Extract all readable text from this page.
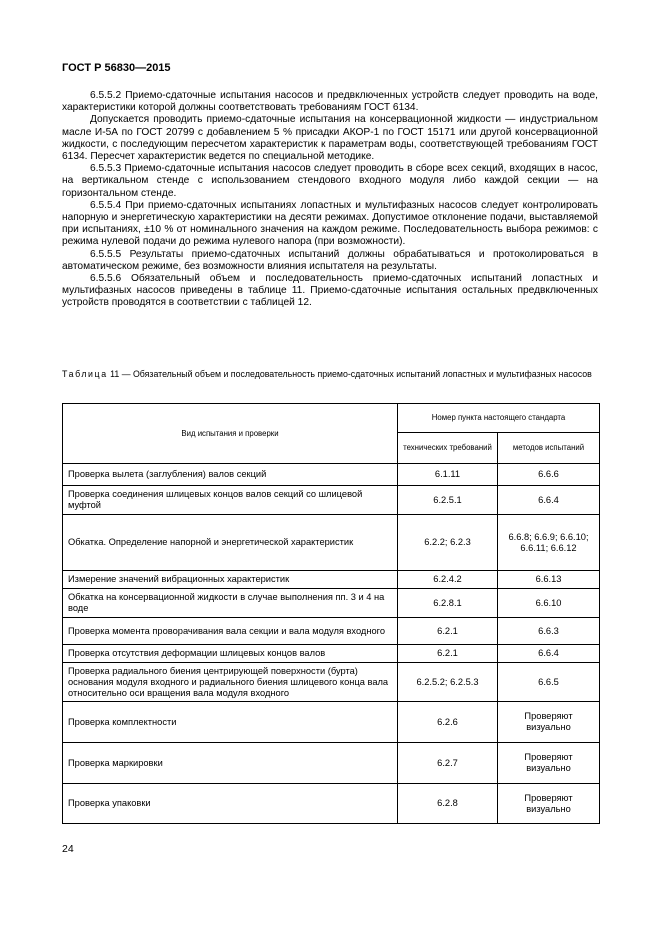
ГОСТ Р 56830—2015

6.5.5.2 Приемо-сдаточные испытания насосов и предвключенных устройств следует проводить на воде, характеристики которой должны соответствовать требованиям ГОСТ 6134.

Допускается проводить приемо-сдаточные испытания на консервационной жидкости — индустриальном масле И-5А по ГОСТ 20799 с добавлением 5 % присадки АКОР-1 по ГОСТ 15171 или другой консервационной жидкости, с последующим пересчетом характеристик к параметрам воды, соответствующей требованиям ГОСТ 6134. Пересчет характеристик ведется по специальной методике.

6.5.5.3 Приемо-сдаточные испытания насосов следует проводить в сборе всех секций, входящих в насос, на вертикальном стенде с использованием стендового входного модуля либо каждой секции — на горизонтальном стенде.

6.5.5.4 При приемо-сдаточных испытаниях лопастных и мультифазных насосов следует контролировать напорную и энергетическую характеристики на десяти режимах. Допустимое отклонение подачи, выставляемой при испытаниях, ±10 % от номинального значения на каждом режиме. Последовательность выбора режимов: с режима нулевой подачи до режима нулевого напора (при возможности).

6.5.5.5 Результаты приемо-сдаточных испытаний должны обрабатываться и протоколироваться в автоматическом режиме, без возможности влияния испытателя на результаты.

6.5.5.6 Обязательный объем и последовательность приемо-сдаточных испытаний лопастных и мультифазных насосов приведены в таблице 11. Приемо-сдаточные испытания остальных предвключенных устройств проводятся в соответствии с таблицей 12.

Таблица 11 — Обязательный объем и последовательность приемо-сдаточных испытаний лопастных и мультифазных насосов
Вид испытания и проверки	Номер пункта настоящего стандарта	
	технических требований	методов испытаний
Проверка вылета (заглубления) валов секций	6.1.11	6.6.6
Проверка соединения шлицевых концов валов секций со шлицевой муфтой	6.2.5.1	6.6.4
Обкатка. Определение напорной и энергетической характеристик	6.2.2; 6.2.3	6.6.8; 6.6.9; 6.6.10; 6.6.11; 6.6.12
Измерение значений вибрационных характеристик	6.2.4.2	6.6.13
Обкатка на консервационной жидкости в случае выполнения пп. 3 и 4 на воде	6.2.8.1	6.6.10
Проверка момента проворачивания вала секции и вала модуля входного	6.2.1	6.6.3
Проверка отсутствия деформации шлицевых концов валов	6.2.1	6.6.4
Проверка радиального биения центрирующей поверхности (бурта) основания модуля входного и радиального биения шлицевого конца вала относительно оси вращения вала модуля входного	6.2.5.2; 6.2.5.3	6.6.5
Проверка комплектности	6.2.6	Проверяют визуально
Проверка маркировки	6.2.7	Проверяют визуально
Проверка упаковки	6.2.8	Проверяют визуально
24
